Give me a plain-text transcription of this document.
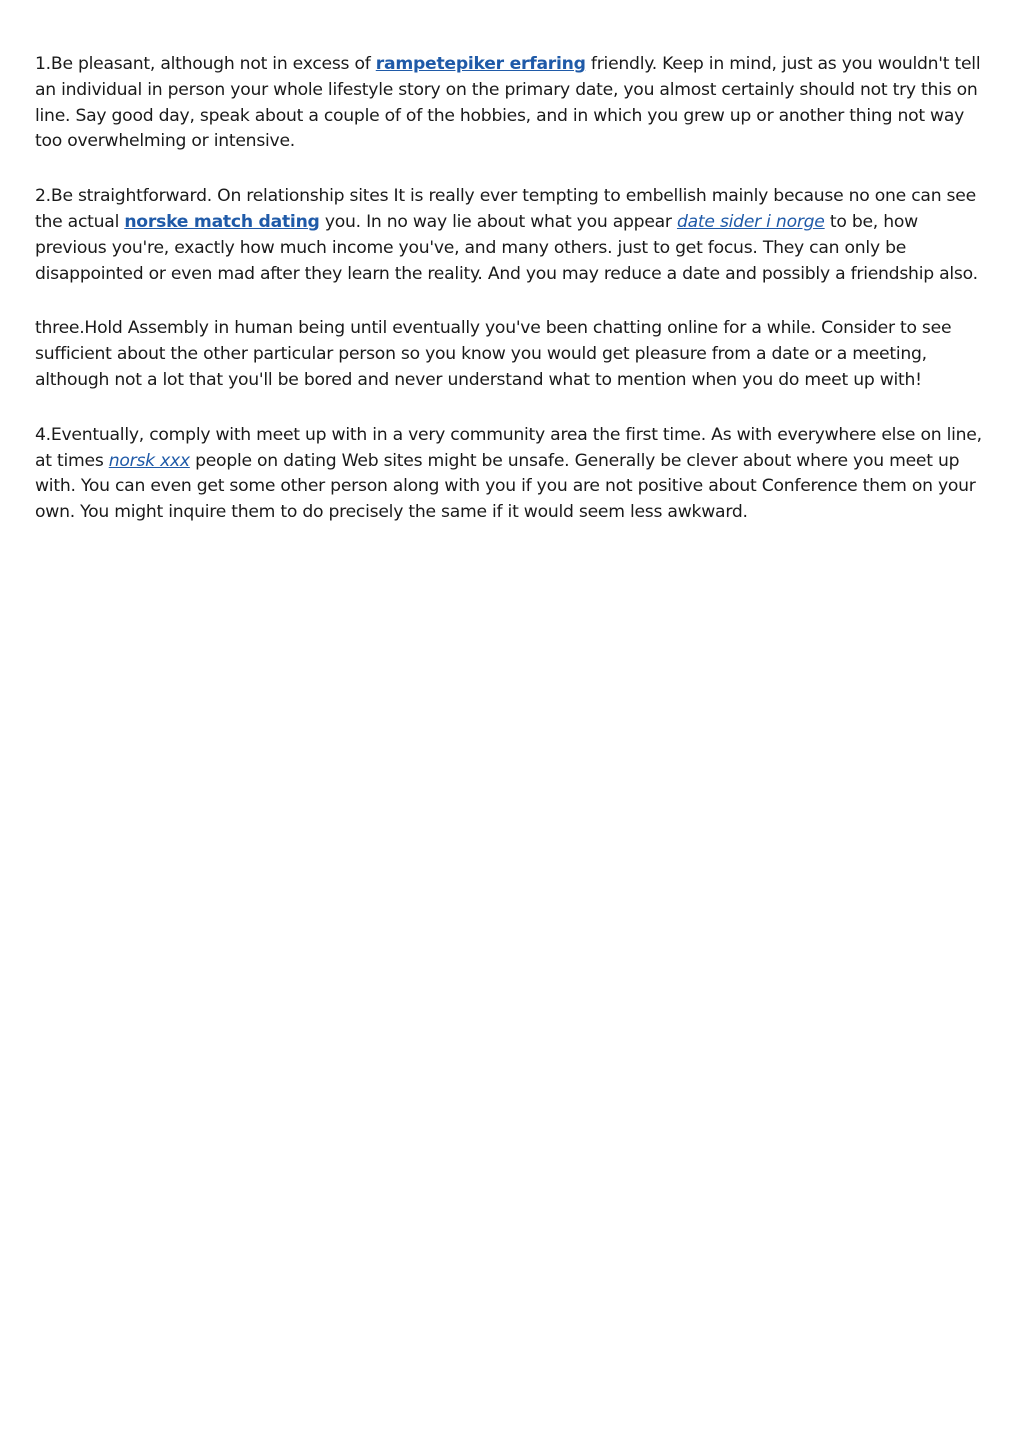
1.Be pleasant, although not in excess of rampetepiker erfaring friendly. Keep in mind, just as you wouldn't tell an individual in person your whole lifestyle story on the primary date, you almost certainly should not try this on line. Say good day, speak about a couple of of the hobbies, and in which you grew up or another thing not way too overwhelming or intensive.

2.Be straightforward. On relationship sites It is really ever tempting to embellish mainly because no one can see the actual norske match dating you. In no way lie about what you appear date sider i norge to be, how previous you're, exactly how much income you've, and many others. just to get focus. They can only be disappointed or even mad after they learn the reality. And you may reduce a date and possibly a friendship also.

three.Hold Assembly in human being until eventually you've been chatting online for a while. Consider to see sufficient about the other particular person so you know you would get pleasure from a date or a meeting, although not a lot that you'll be bored and never understand what to mention when you do meet up with!

4.Eventually, comply with meet up with in a very community area the first time. As with everywhere else on line, at times norsk xxx people on dating Web sites might be unsafe. Generally be clever about where you meet up with. You can even get some other person along with you if you are not positive about Conference them on your own. You might inquire them to do precisely the same if it would seem less awkward.
